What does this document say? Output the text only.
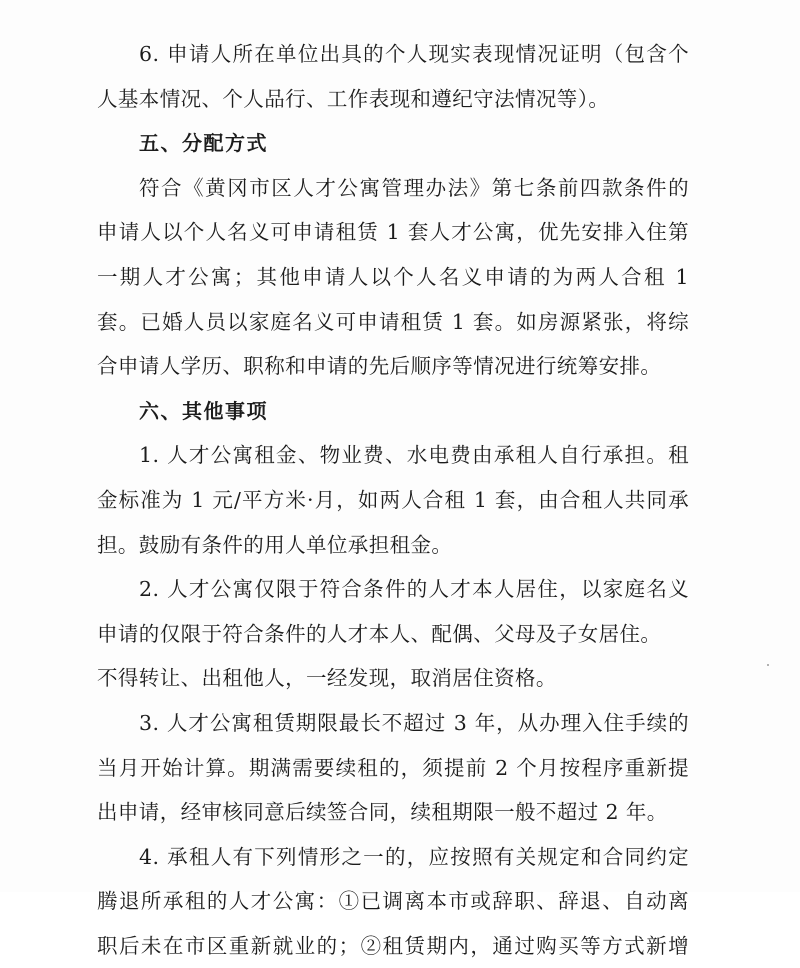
6. 申请人所在单位出具的个人现实表现情况证明（包含个
人基本情况、个人品行、工作表现和遵纪守法情况等）。
五、分配方式
符合《黄冈市区人才公寓管理办法》第七条前四款条件的
申请人以个人名义可申请租赁 1 套人才公寓，优先安排入住第
一期人才公寓；其他申请人以个人名义申请的为两人合租 1
套。已婚人员以家庭名义可申请租赁 1 套。如房源紧张，将综
合申请人学历、职称和申请的先后顺序等情况进行统筹安排。
六、其他事项
1. 人才公寓租金、物业费、水电费由承租人自行承担。租
金标准为 1 元/平方米·月，如两人合租 1 套，由合租人共同承
担。鼓励有条件的用人单位承担租金。
2. 人才公寓仅限于符合条件的人才本人居住，以家庭名义
申请的仅限于符合条件的人才本人、配偶、父母及子女居住。
不得转让、出租他人，一经发现，取消居住资格。
3. 人才公寓租赁期限最长不超过 3 年，从办理入住手续的
当月开始计算。期满需要续租的，须提前 2 个月按程序重新提
出申请，经审核同意后续签合同，续租期限一般不超过 2 年。
4. 承租人有下列情形之一的，应按照有关规定和合同约定
腾退所承租的人才公寓：①已调离本市或辞职、辞退、自动离
职后未在市区重新就业的；②租赁期内，通过购买等方式新增
